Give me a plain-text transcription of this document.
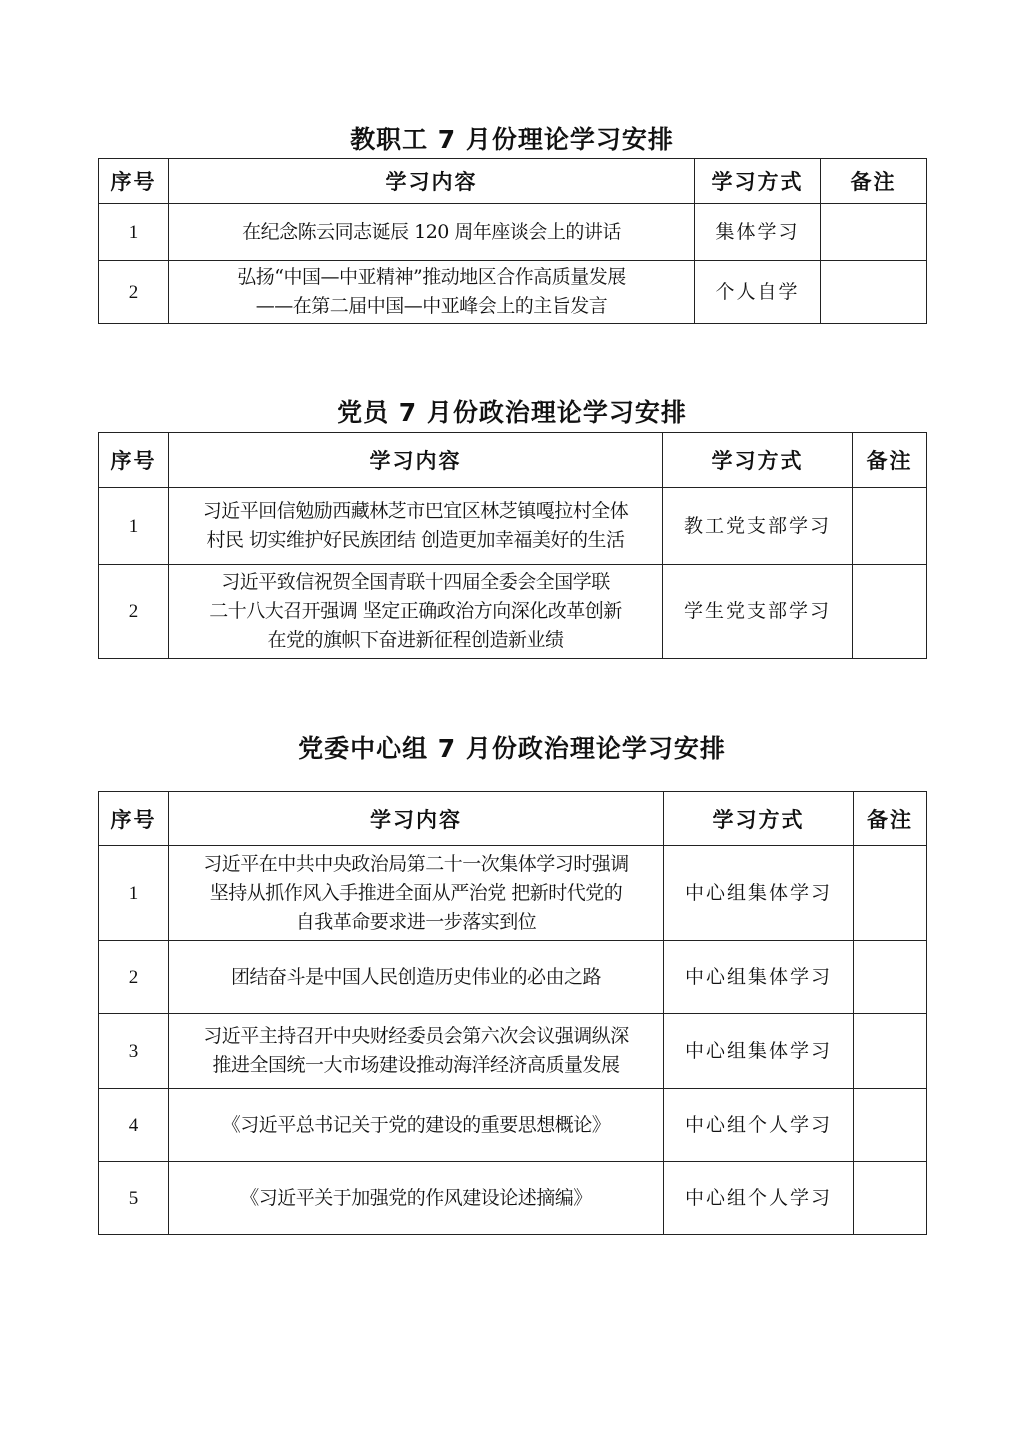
教职工 7 月份理论学习安排
序号	学习内容	学习方式	备注
1	在纪念陈云同志诞辰 120 周年座谈会上的讲话	集体学习	
2	弘扬“中国—中亚精神”推动地区合作高质量发展
——在第二届中国—中亚峰会上的主旨发言	个人自学	
党员 7 月份政治理论学习安排
序号	学习内容	学习方式	备注
1	习近平回信勉励西藏林芝市巴宜区林芝镇嘎拉村全体
村民 切实维护好民族团结 创造更加幸福美好的生活	教工党支部学习	
2	习近平致信祝贺全国青联十四届全委会全国学联
二十八大召开强调 坚定正确政治方向深化改革创新
在党的旗帜下奋进新征程创造新业绩	学生党支部学习	
党委中心组 7 月份政治理论学习安排
序号	学习内容	学习方式	备注
1	习近平在中共中央政治局第二十一次集体学习时强调
坚持从抓作风入手推进全面从严治党 把新时代党的
自我革命要求进一步落实到位	中心组集体学习	
2	团结奋斗是中国人民创造历史伟业的必由之路	中心组集体学习	
3	习近平主持召开中央财经委员会第六次会议强调纵深
推进全国统一大市场建设推动海洋经济高质量发展	中心组集体学习	
4	《习近平总书记关于党的建设的重要思想概论》	中心组个人学习	
5	《习近平关于加强党的作风建设论述摘编》	中心组个人学习	
